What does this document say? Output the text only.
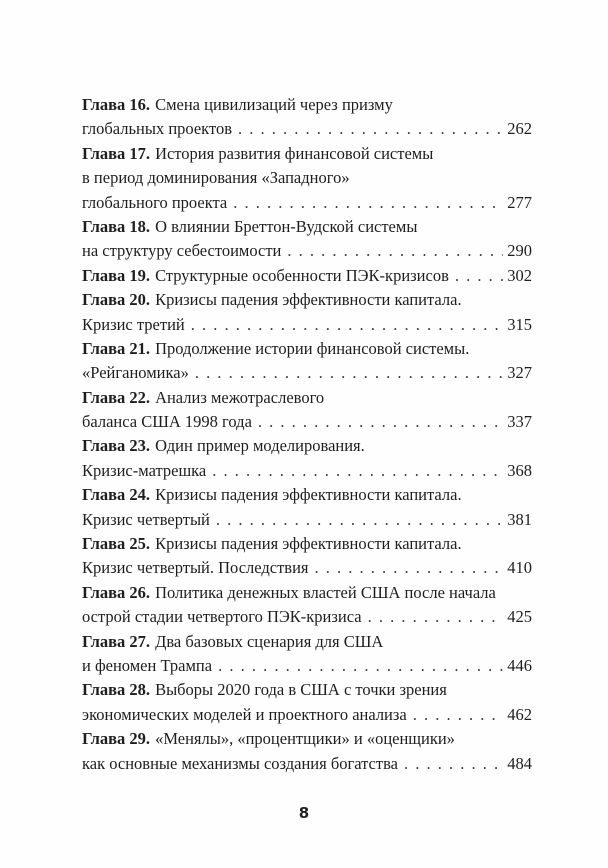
Глава 16. Смена цивилизаций через призму
глобальных проектов . . .	262
Глава 17. История развития финансовой системы
в период доминирования «Западного»
глобального проекта . . .	277
Глава 18. О влиянии Бреттон-Вудской системы
на структуру себестоимости . . .	290
Глава 19. Структурные особенности ПЭК-кризисов . . .	302
Глава 20. Кризисы падения эффективности капитала.
Кризис третий . . .	315
Глава 21. Продолжение истории финансовой системы.
«Рейганомика» . . .	327
Глава 22. Анализ межотраслевого
баланса США 1998 года . . .	337
Глава 23. Один пример моделирования.
Кризис-матрешка . . .	368
Глава 24. Кризисы падения эффективности капитала.
Кризис четвертый . . .	381
Глава 25. Кризисы падения эффективности капитала.
Кризис четвертый. Последствия . . .	410
Глава 26. Политика денежных властей США после начала
острой стадии четвертого ПЭК-кризиса . . .	425
Глава 27. Два базовых сценария для США
и феномен Трампа . . .	446
Глава 28. Выборы 2020 года в США с точки зрения
экономических моделей и проектного анализа . . .	462
Глава 29. «Менялы», «процентщики» и «оценщики»
как основные механизмы создания богатства . . .	484
8
